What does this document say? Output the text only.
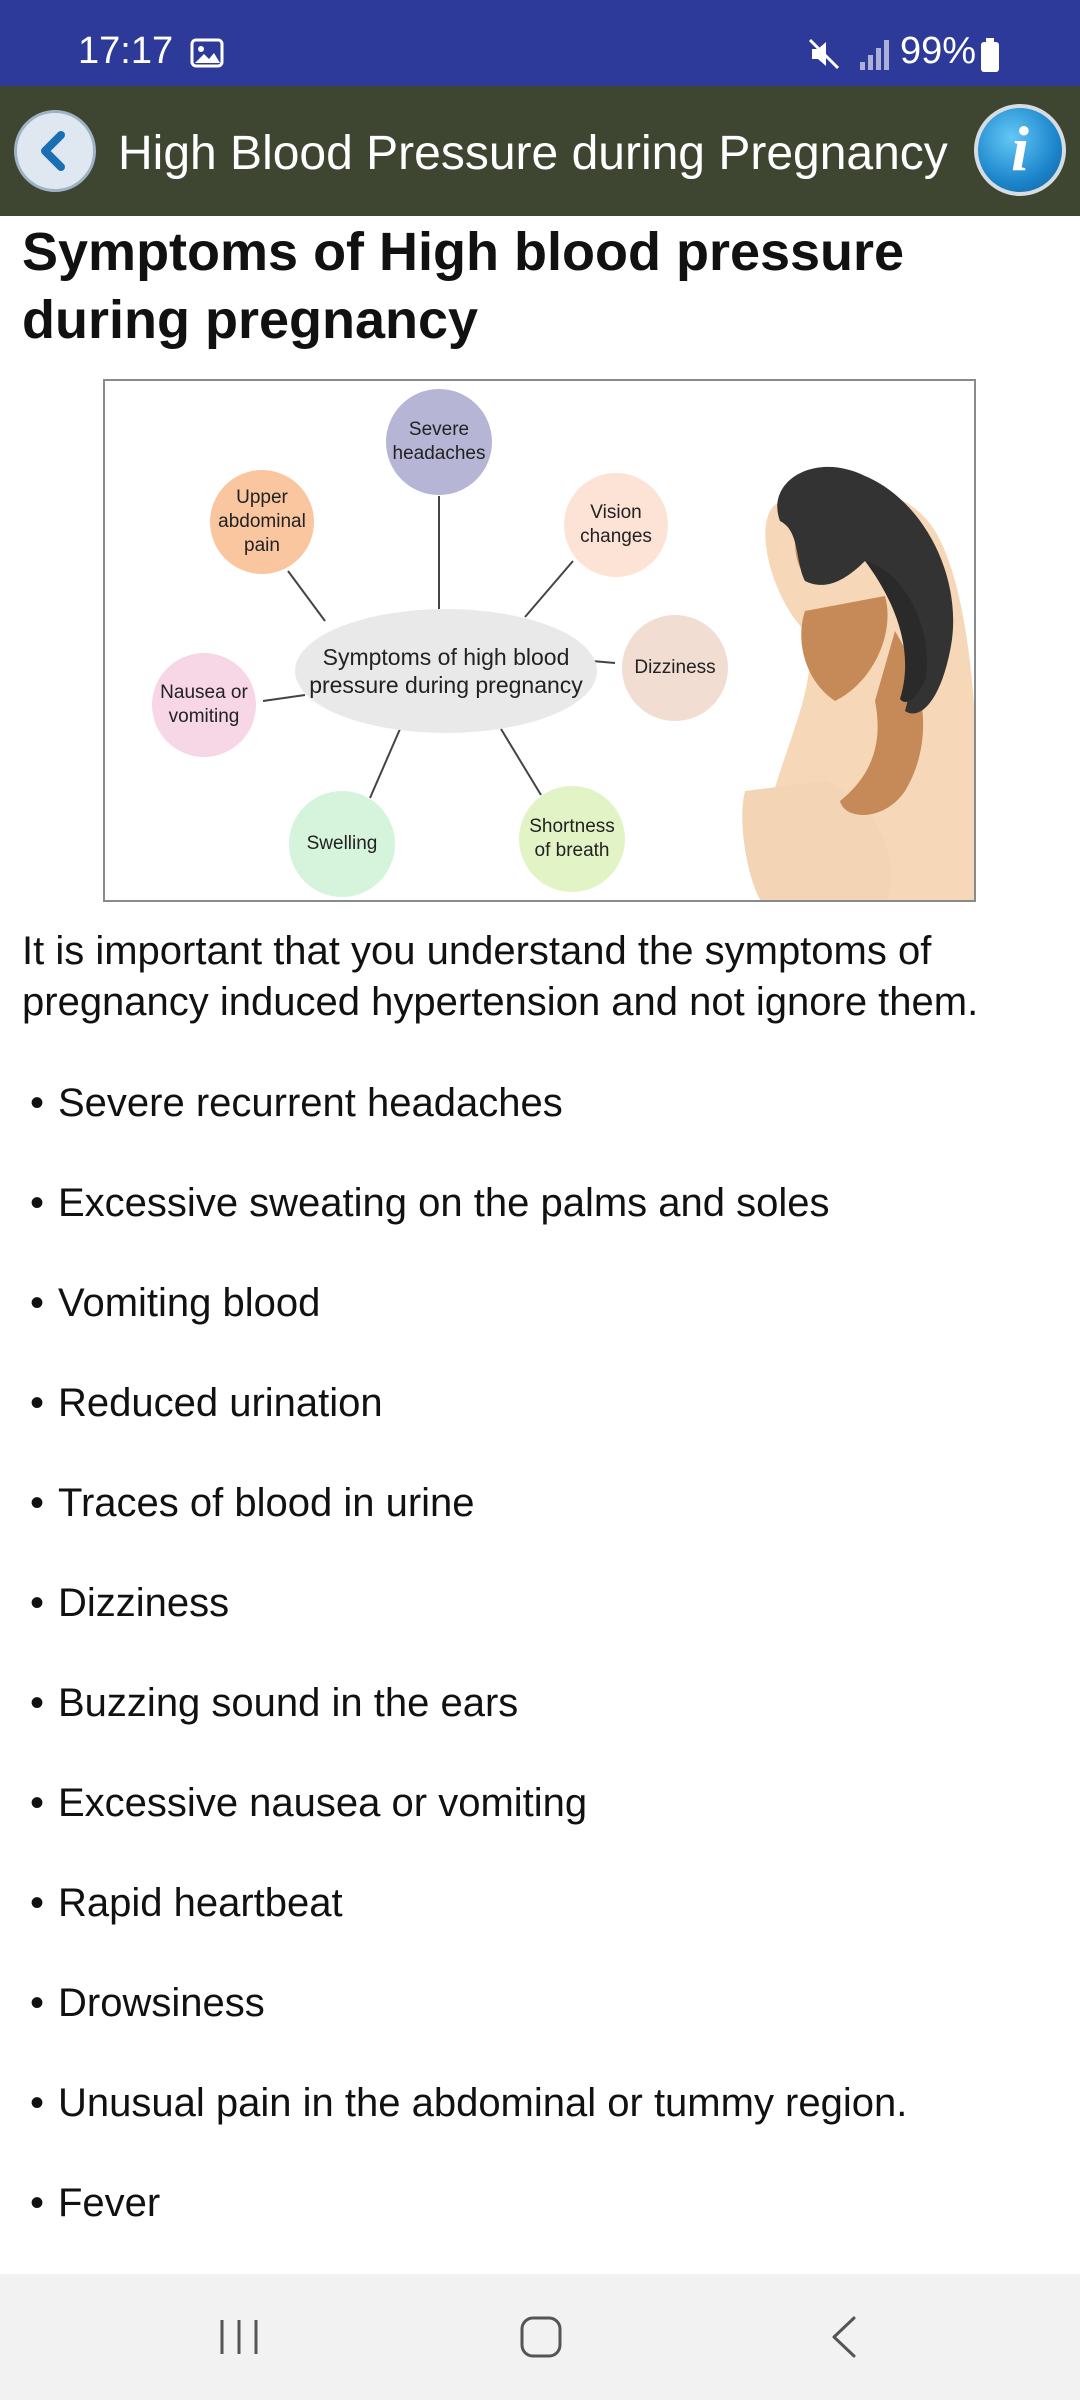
17:17	99%
High Blood Pressure during Pregnancy i
Symptoms of High blood pressure during pregnancy
Severe headaches
Upper abdominal pain
Vision changes
Dizziness
Nausea or vomiting
Swelling
Shortness of breath
Symptoms of high blood pressure during pregnancy
It is important that you understand the symptoms of pregnancy induced hypertension and not ignore them.
• Severe recurrent headaches
• Excessive sweating on the palms and soles
• Vomiting blood
• Reduced urination
• Traces of blood in urine
• Dizziness
• Buzzing sound in the ears
• Excessive nausea or vomiting
• Rapid heartbeat
• Drowsiness
• Unusual pain in the abdominal or tummy region.
• Fever
